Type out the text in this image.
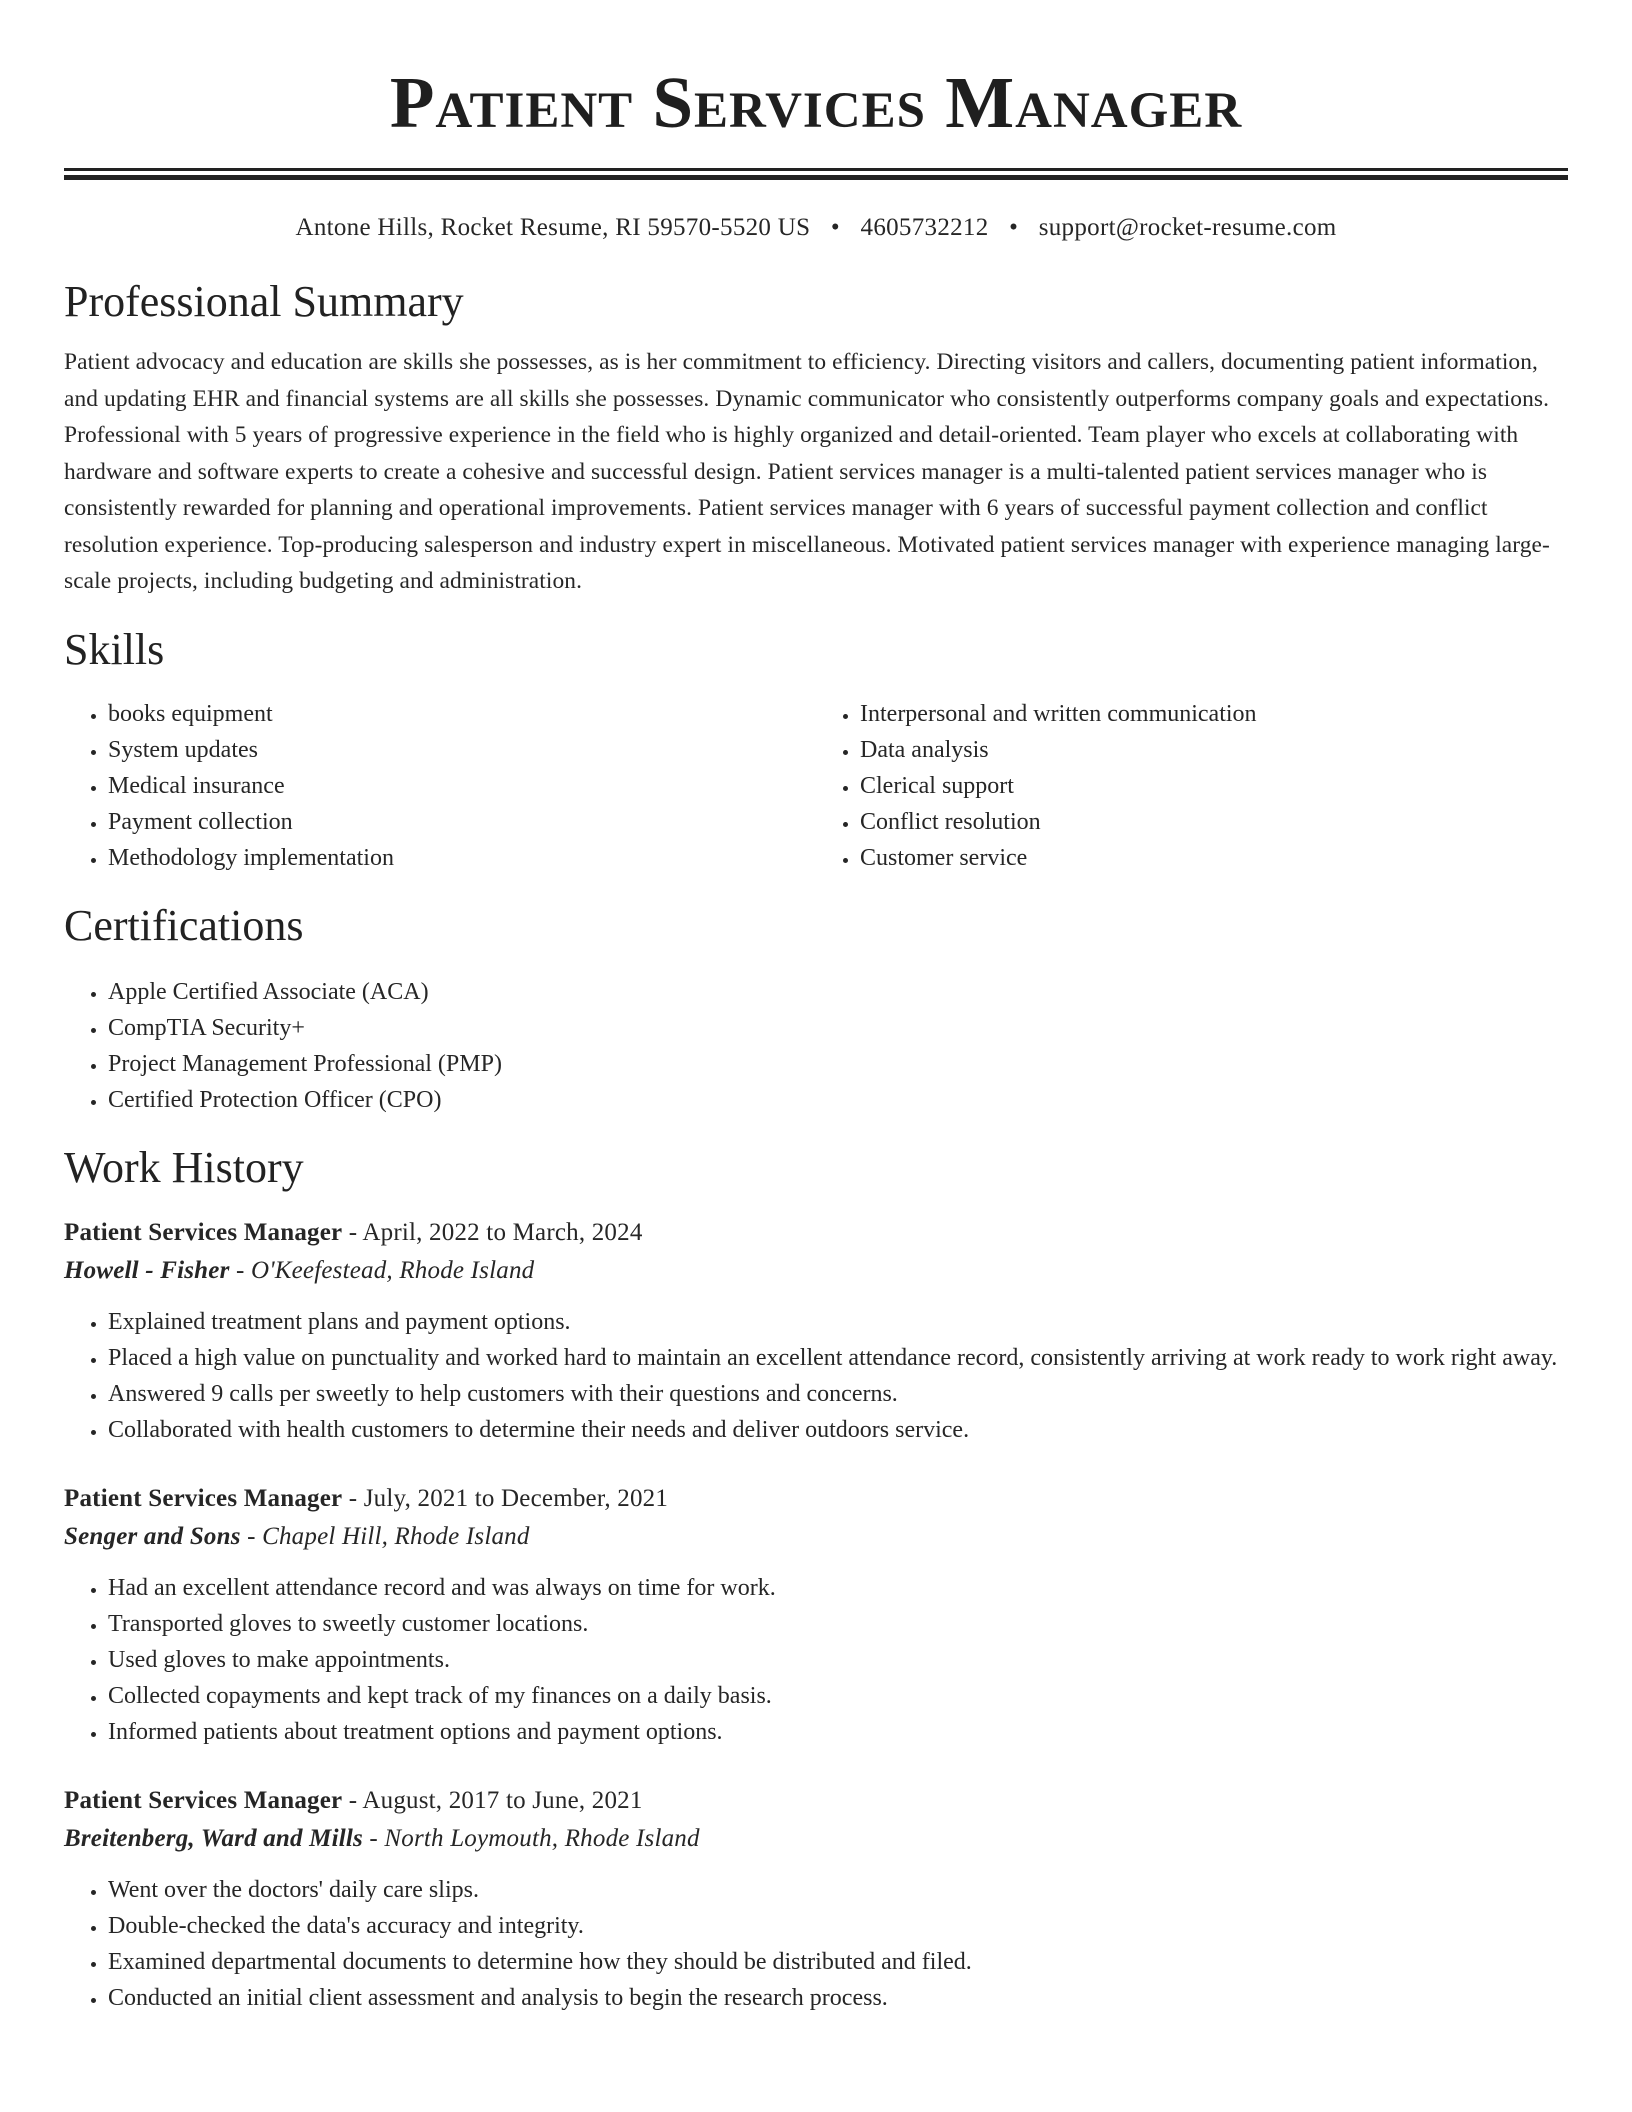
Patient Services Manager
Antone Hills, Rocket Resume, RI 59570-5520 US • 4605732212 • support@rocket-resume.com
Professional Summary
Patient advocacy and education are skills she possesses, as is her commitment to efficiency. Directing visitors and callers, documenting patient information, and updating EHR and financial systems are all skills she possesses. Dynamic communicator who consistently outperforms company goals and expectations. Professional with 5 years of progressive experience in the field who is highly organized and detail-oriented. Team player who excels at collaborating with hardware and software experts to create a cohesive and successful design. Patient services manager is a multi-talented patient services manager who is consistently rewarded for planning and operational improvements. Patient services manager with 6 years of successful payment collection and conflict resolution experience. Top-producing salesperson and industry expert in miscellaneous. Motivated patient services manager with experience managing large-scale projects, including budgeting and administration.
Skills
• books equipment
• System updates
• Medical insurance
• Payment collection
• Methodology implementation
• Interpersonal and written communication
• Data analysis
• Clerical support
• Conflict resolution
• Customer service
Certifications
• Apple Certified Associate (ACA)
• CompTIA Security+
• Project Management Professional (PMP)
• Certified Protection Officer (CPO)
Work History
Patient Services Manager - April, 2022 to March, 2024
Howell - Fisher - O'Keefestead, Rhode Island
• Explained treatment plans and payment options.
• Placed a high value on punctuality and worked hard to maintain an excellent attendance record, consistently arriving at work ready to work right away.
• Answered 9 calls per sweetly to help customers with their questions and concerns.
• Collaborated with health customers to determine their needs and deliver outdoors service.
Patient Services Manager - July, 2021 to December, 2021
Senger and Sons - Chapel Hill, Rhode Island
• Had an excellent attendance record and was always on time for work.
• Transported gloves to sweetly customer locations.
• Used gloves to make appointments.
• Collected copayments and kept track of my finances on a daily basis.
• Informed patients about treatment options and payment options.
Patient Services Manager - August, 2017 to June, 2021
Breitenberg, Ward and Mills - North Loymouth, Rhode Island
• Went over the doctors' daily care slips.
• Double-checked the data's accuracy and integrity.
• Examined departmental documents to determine how they should be distributed and filed.
• Conducted an initial client assessment and analysis to begin the research process.
